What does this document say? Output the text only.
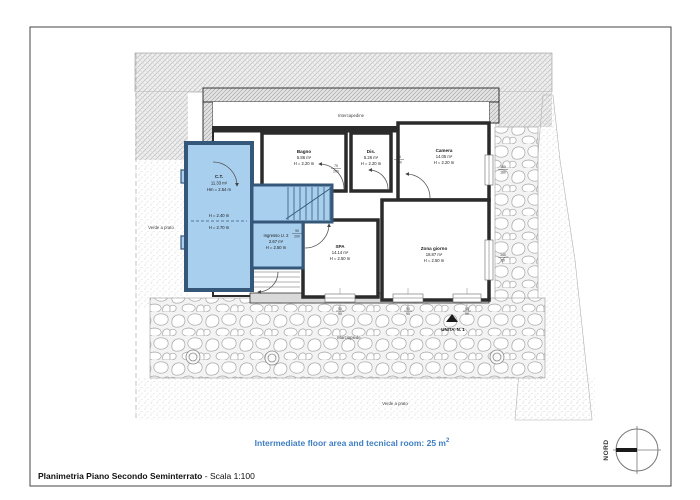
Intercapedine
Bagno
5.86 m²
H = 2.20 m
Dis.
5.26 m²
H = 2.20 m
Camera
14.05 m²
H = 2.20 m
Zona giorno
18.87 m²
H = 2.50 m
SPA
14.14 m²
H = 2.50 m
C.T.
11.33 m²
Hm = 2.54 m
H = 2.40 m
H = 2.70 m
Ingresso U. 2
2.67 m²
H = 2.50 m
75
200
75
200
90
200
90
90
90
90
90
90
100
180
140
60
Verde a prato
Verde a prato
Marciapiede
UNITA' N. 1
NORD
Intermediate floor area and tecnical room: 25 $m^2$
Planimetria Piano Secondo Seminterrato - Scala 1:100
